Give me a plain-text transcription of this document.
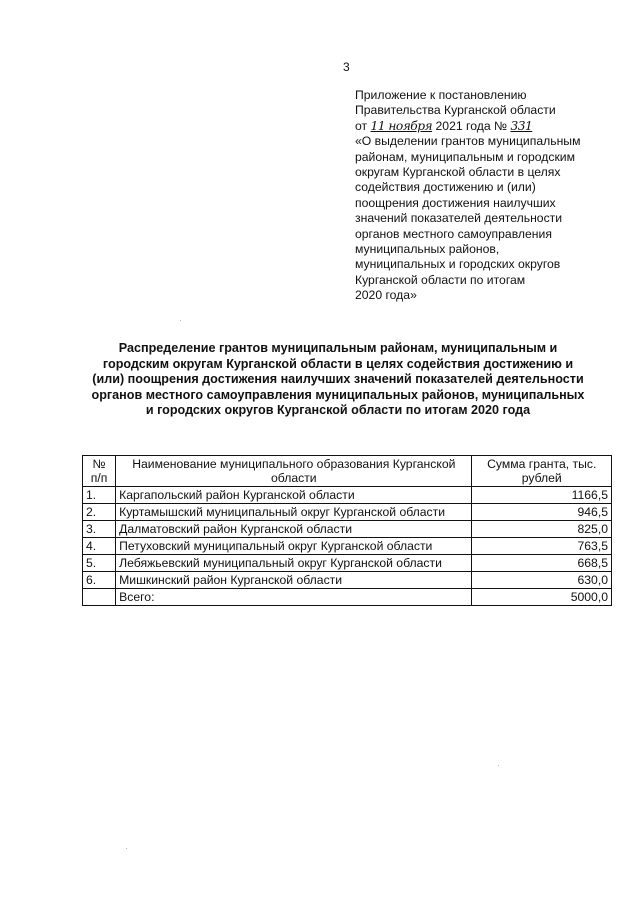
3
Приложение к постановлению
Правительства Курганской области
от 11 ноября 2021 года № 331
«О выделении грантов муниципальным
районам, муниципальным и городским
округам Курганской области в целях
содействия достижению и (или)
поощрения достижения наилучших
значений показателей деятельности
органов местного самоуправления
муниципальных районов,
муниципальных и городских округов
Курганской области по итогам
2020 года»
Распределение грантов муниципальным районам, муниципальным и
городским округам Курганской области в целях содействия достижению и
(или) поощрения достижения наилучших значений показателей деятельности
органов местного самоуправления муниципальных районов, муниципальных
и городских округов Курганской области по итогам 2020 года
№ п/п	Наименование муниципального образования Курганской области	Сумма гранта, тыс. рублей
1.	Каргапольский район Курганской области	1166,5
2.	Куртамышский муниципальный округ Курганской области	946,5
3.	Далматовский район Курганской области	825,0
4.	Петуховский муниципальный округ Курганской области	763,5
5.	Лебяжьевский муниципальный округ Курганской области	668,5
6.	Мишкинский район Курганской области	630,0
	Всего:	5000,0
